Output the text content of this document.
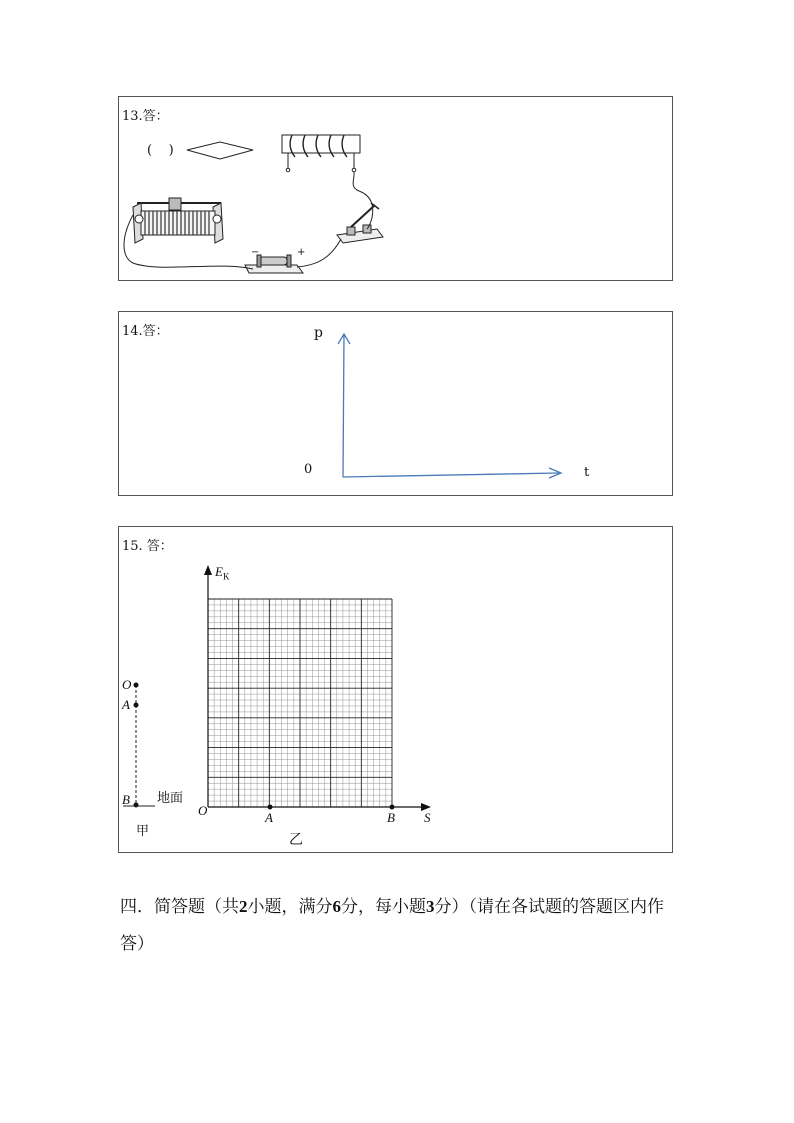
13.答：
(    )
−	+
14.答：	p
0	t
15. 答：
O
A
B 地面
甲
$E_K$
O	A	B S
乙
四．简答题（共2小题，满分6分，每小题3分）（请在各试题的答题区内作答）
